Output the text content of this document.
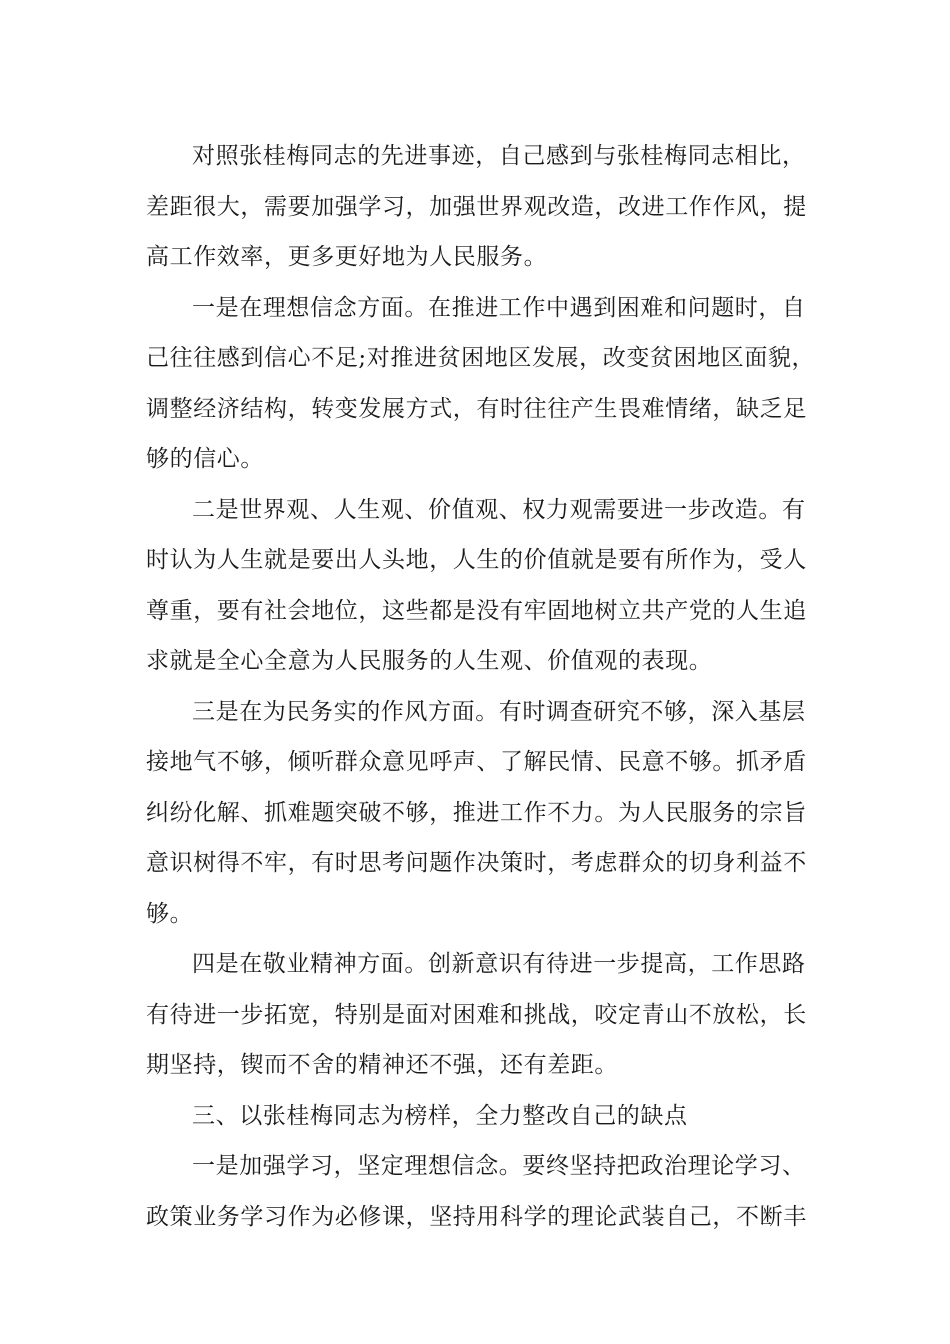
对照张桂梅同志的先进事迹，自己感到与张桂梅同志相比，
差距很大，需要加强学习，加强世界观改造，改进工作作风，提
高工作效率，更多更好地为人民服务。

一是在理想信念方面。在推进工作中遇到困难和问题时，自
己往往感到信心不足;对推进贫困地区发展，改变贫困地区面貌，
调整经济结构，转变发展方式，有时往往产生畏难情绪，缺乏足
够的信心。

二是世界观、人生观、价值观、权力观需要进一步改造。有
时认为人生就是要出人头地，人生的价值就是要有所作为，受人
尊重，要有社会地位，这些都是没有牢固地树立共产党的人生追
求就是全心全意为人民服务的人生观、价值观的表现。

三是在为民务实的作风方面。有时调查研究不够，深入基层
接地气不够，倾听群众意见呼声、了解民情、民意不够。抓矛盾
纠纷化解、抓难题突破不够，推进工作不力。为人民服务的宗旨
意识树得不牢，有时思考问题作决策时，考虑群众的切身利益不
够。

四是在敬业精神方面。创新意识有待进一步提高，工作思路
有待进一步拓宽，特别是面对困难和挑战，咬定青山不放松，长
期坚持，锲而不舍的精神还不强，还有差距。

三、以张桂梅同志为榜样，全力整改自己的缺点

一是加强学习，坚定理想信念。要终坚持把政治理论学习、
政策业务学习作为必修课，坚持用科学的理论武装自己，不断丰
